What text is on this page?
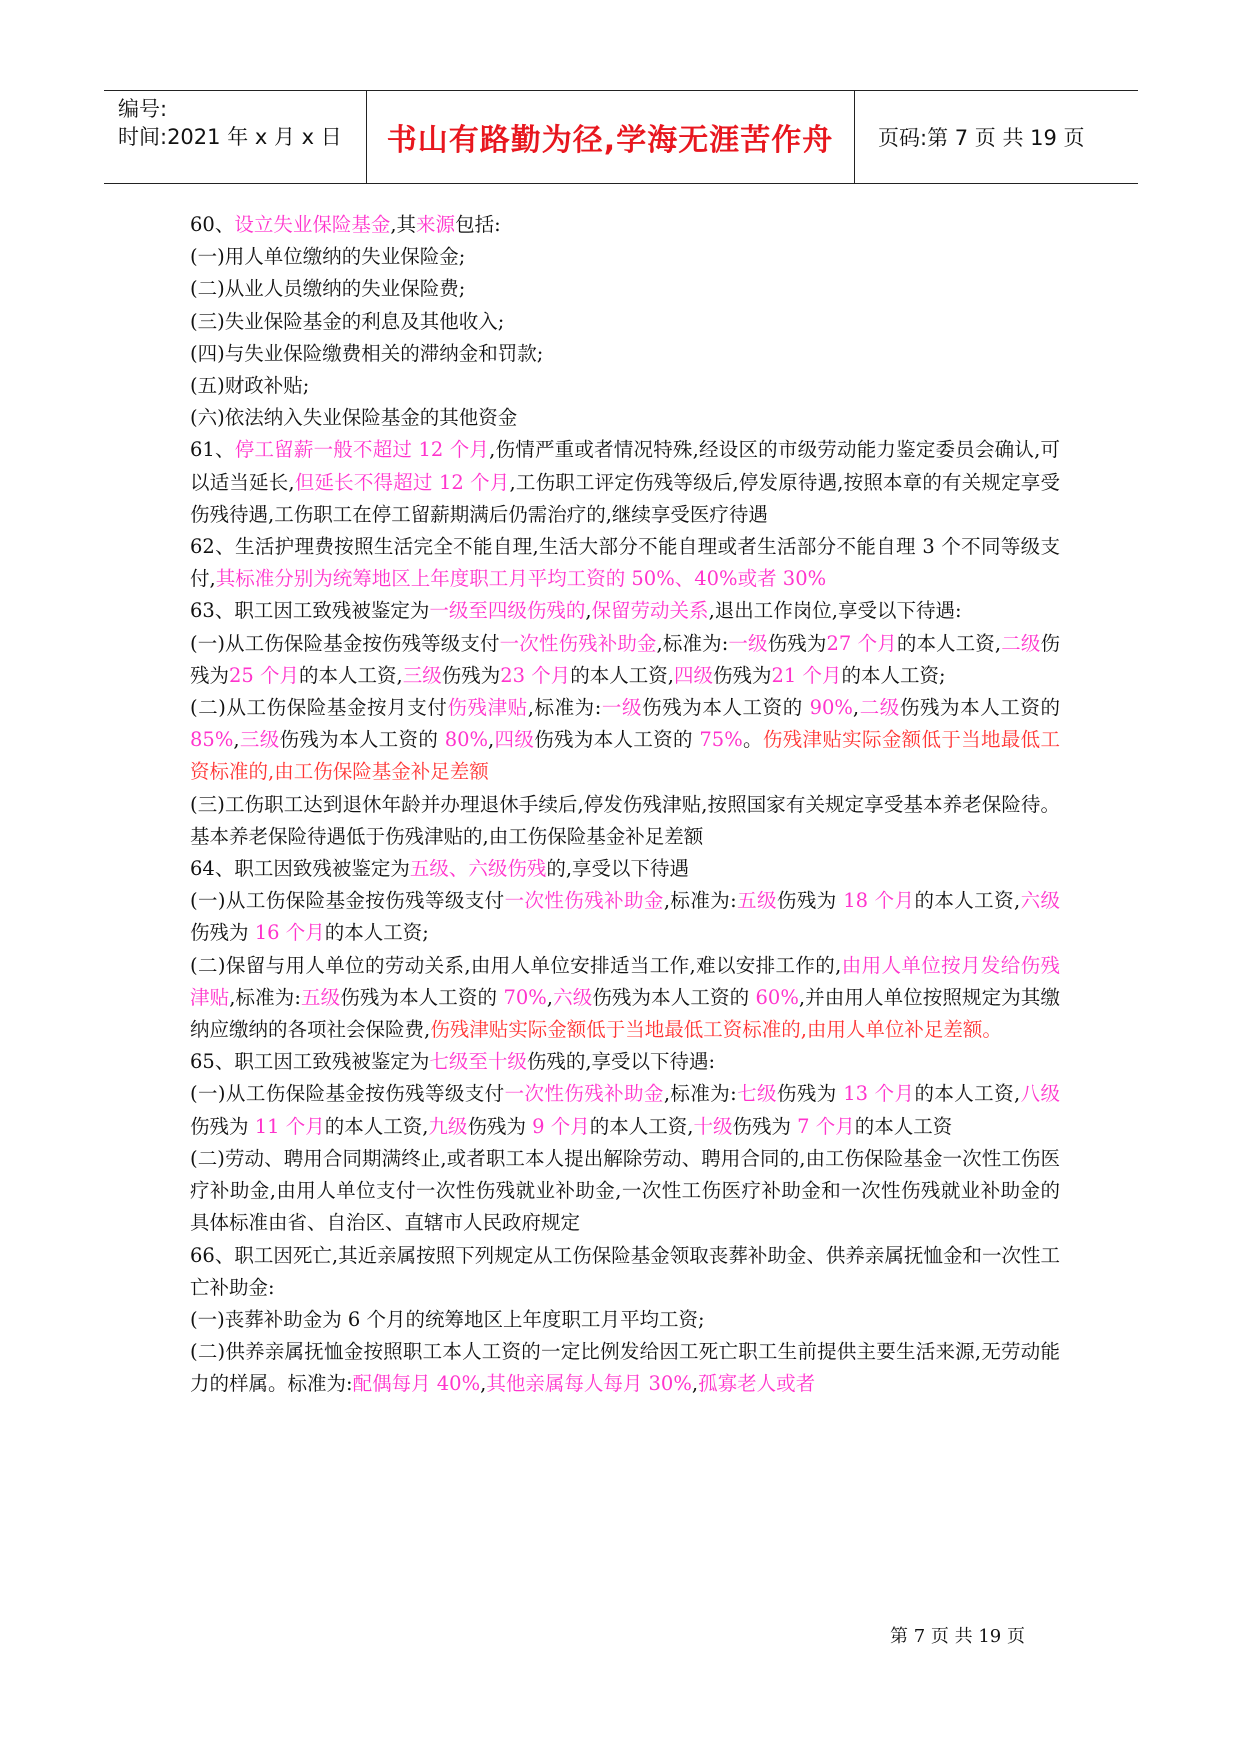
编号:
时间:2021 年 x 月 x 日	书山有路勤为径,学海无涯苦作舟	页码:第 7 页 共 19 页

60、设立失业保险基金,其来源包括:

(一)用人单位缴纳的失业保险金;

(二)从业人员缴纳的失业保险费;

(三)失业保险基金的利息及其他收入;

(四)与失业保险缴费相关的滞纳金和罚款;

(五)财政补贴;

(六)依法纳入失业保险基金的其他资金

61、停工留薪一般不超过 12 个月,伤情严重或者情况特殊,经设区的市级劳动能力鉴定委员会确认,可以适当延长,但延长不得超过 12 个月,工伤职工评定伤残等级后,停发原待遇,按照本章的有关规定享受伤残待遇,工伤职工在停工留薪期满后仍需治疗的,继续享受医疗待遇

62、生活护理费按照生活完全不能自理,生活大部分不能自理或者生活部分不能自理 3 个不同等级支付,其标准分别为统筹地区上年度职工月平均工资的 50%、40%或者 30%

63、职工因工致残被鉴定为一级至四级伤残的,保留劳动关系,退出工作岗位,享受以下待遇:

(一)从工伤保险基金按伤残等级支付一次性伤残补助金,标准为:一级伤残为27 个月的本人工资,二级伤残为25 个月的本人工资,三级伤残为23 个月的本人工资,四级伤残为21 个月的本人工资;

(二)从工伤保险基金按月支付伤残津贴,标准为:一级伤残为本人工资的 90%,二级伤残为本人工资的 85%,三级伤残为本人工资的 80%,四级伤残为本人工资的 75%。伤残津贴实际金额低于当地最低工资标准的,由工伤保险基金补足差额

(三)工伤职工达到退休年龄并办理退休手续后,停发伤残津贴,按照国家有关规定享受基本养老保险待。基本养老保险待遇低于伤残津贴的,由工伤保险基金补足差额

64、职工因致残被鉴定为五级、六级伤残的,享受以下待遇

(一)从工伤保险基金按伤残等级支付一次性伤残补助金,标准为:五级伤残为 18 个月的本人工资,六级伤残为 16 个月的本人工资;

(二)保留与用人单位的劳动关系,由用人单位安排适当工作,难以安排工作的,由用人单位按月发给伤残津贴,标准为:五级伤残为本人工资的 70%,六级伤残为本人工资的 60%,并由用人单位按照规定为其缴纳应缴纳的各项社会保险费,伤残津贴实际金额低于当地最低工资标准的,由用人单位补足差额。

65、职工因工致残被鉴定为七级至十级伤残的,享受以下待遇:

(一)从工伤保险基金按伤残等级支付一次性伤残补助金,标准为:七级伤残为 13 个月的本人工资,八级伤残为 11 个月的本人工资,九级伤残为 9 个月的本人工资,十级伤残为 7 个月的本人工资

(二)劳动、聘用合同期满终止,或者职工本人提出解除劳动、聘用合同的,由工伤保险基金一次性工伤医疗补助金,由用人单位支付一次性伤残就业补助金,一次性工伤医疗补助金和一次性伤残就业补助金的具体标准由省、自治区、直辖市人民政府规定

66、职工因死亡,其近亲属按照下列规定从工伤保险基金领取丧葬补助金、供养亲属抚恤金和一次性工亡补助金:

(一)丧葬补助金为 6 个月的统筹地区上年度职工月平均工资;

(二)供养亲属抚恤金按照职工本人工资的一定比例发给因工死亡职工生前提供主要生活来源,无劳动能力的样属。标准为:配偶每月 40%,其他亲属每人每月 30%,孤寡老人或者

第 7 页 共 19 页
